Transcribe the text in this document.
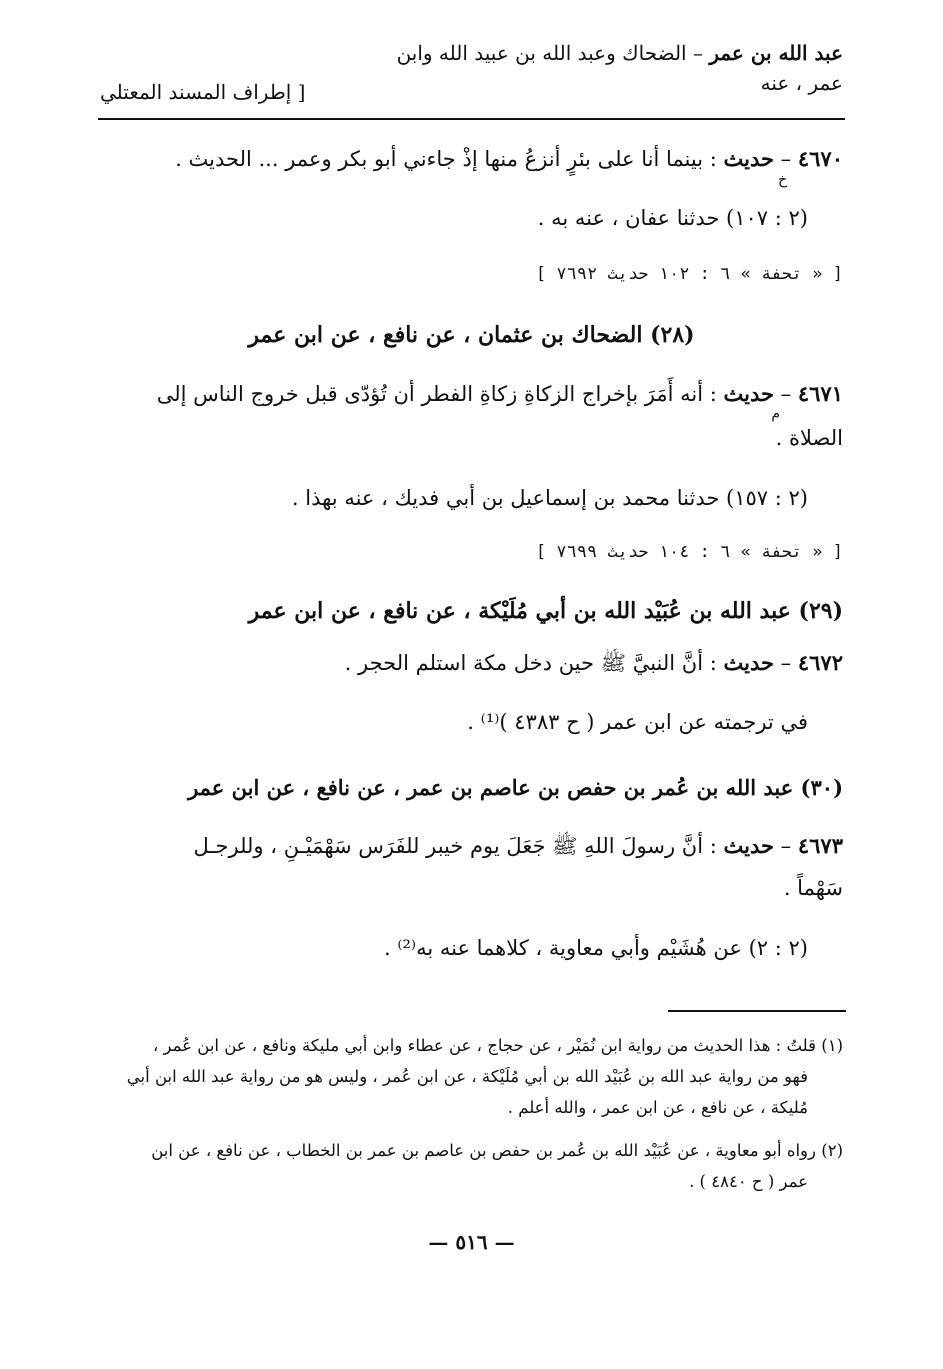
عبد الله بن عمر – الضحاك وعبد الله بن عبيد الله وابن
عمر ، عنه
[ إطراف المسند المعتلي
٤٦٧٠ – حديث : بينما أنا على بئرٍ أنزعُ منها إذْ جاءني أبو بكر وعمر ... الحديث .
خ
(٢ : ١٠٧) حدثنا عفان ، عنه به .
[ « تحفة » ٦ : ١٠٢ حديث ٧٦٩٢ ]
(٢٨) الضحاك بن عثمان ، عن نافع ، عن ابن عمر
٤٦٧١ – حديث : أنه أَمَرَ بإخراج الزكاةِ زكاةِ الفطر أن تُؤدّى قبل خروج الناس إلى
م
الصلاة .
(٢ : ١٥٧) حدثنا محمد بن إسماعيل بن أبي فديك ، عنه بهذا .
[ « تحفة » ٦ : ١٠٤ حديث ٧٦٩٩ ]
(٢٩) عبد الله بن عُبَيْد الله بن أبي مُلَيْكة ، عن نافع ، عن ابن عمر
٤٦٧٢ – حديث : أنَّ النبيَّ ﷺ حين دخل مكة استلم الحجر .
في ترجمته عن ابن عمر ( ح ٤٣٨٣ )⁽¹⁾ .
(٣٠) عبد الله بن عُمر بن حفص بن عاصم بن عمر ، عن نافع ، عن ابن عمر
٤٦٧٣ – حديث : أنَّ رسولَ اللهِ ﷺ جَعَلَ يوم خيبر للفَرَس سَهْمَيْـنِ ، وللرجـل
سَهْماً .
(٢ : ٢) عن هُشَيْم وأبي معاوية ، كلاهما عنه به⁽²⁾ .
(١) قلتُ : هذا الحديث من رواية ابن نُمَيْر ، عن حجاج ، عن عطاء وابن أبي مليكة ونافع ، عن ابن عُمر ،
فهو من رواية عبد الله بن عُبَيْد الله بن أبي مُلَيْكة ، عن ابن عُمر ، وليس هو من رواية عبد الله ابن أبي
مُليكة ، عن نافع ، عن ابن عمر ، والله أعلم .
(٢) رواه أبو معاوية ، عن عُبَيْد الله بن عُمر بن حفص بن عاصم بن عمر بن الخطاب ، عن نافع ، عن ابن
عمر ( ح ٤٨٤٠ ) .
— ٥١٦ —
